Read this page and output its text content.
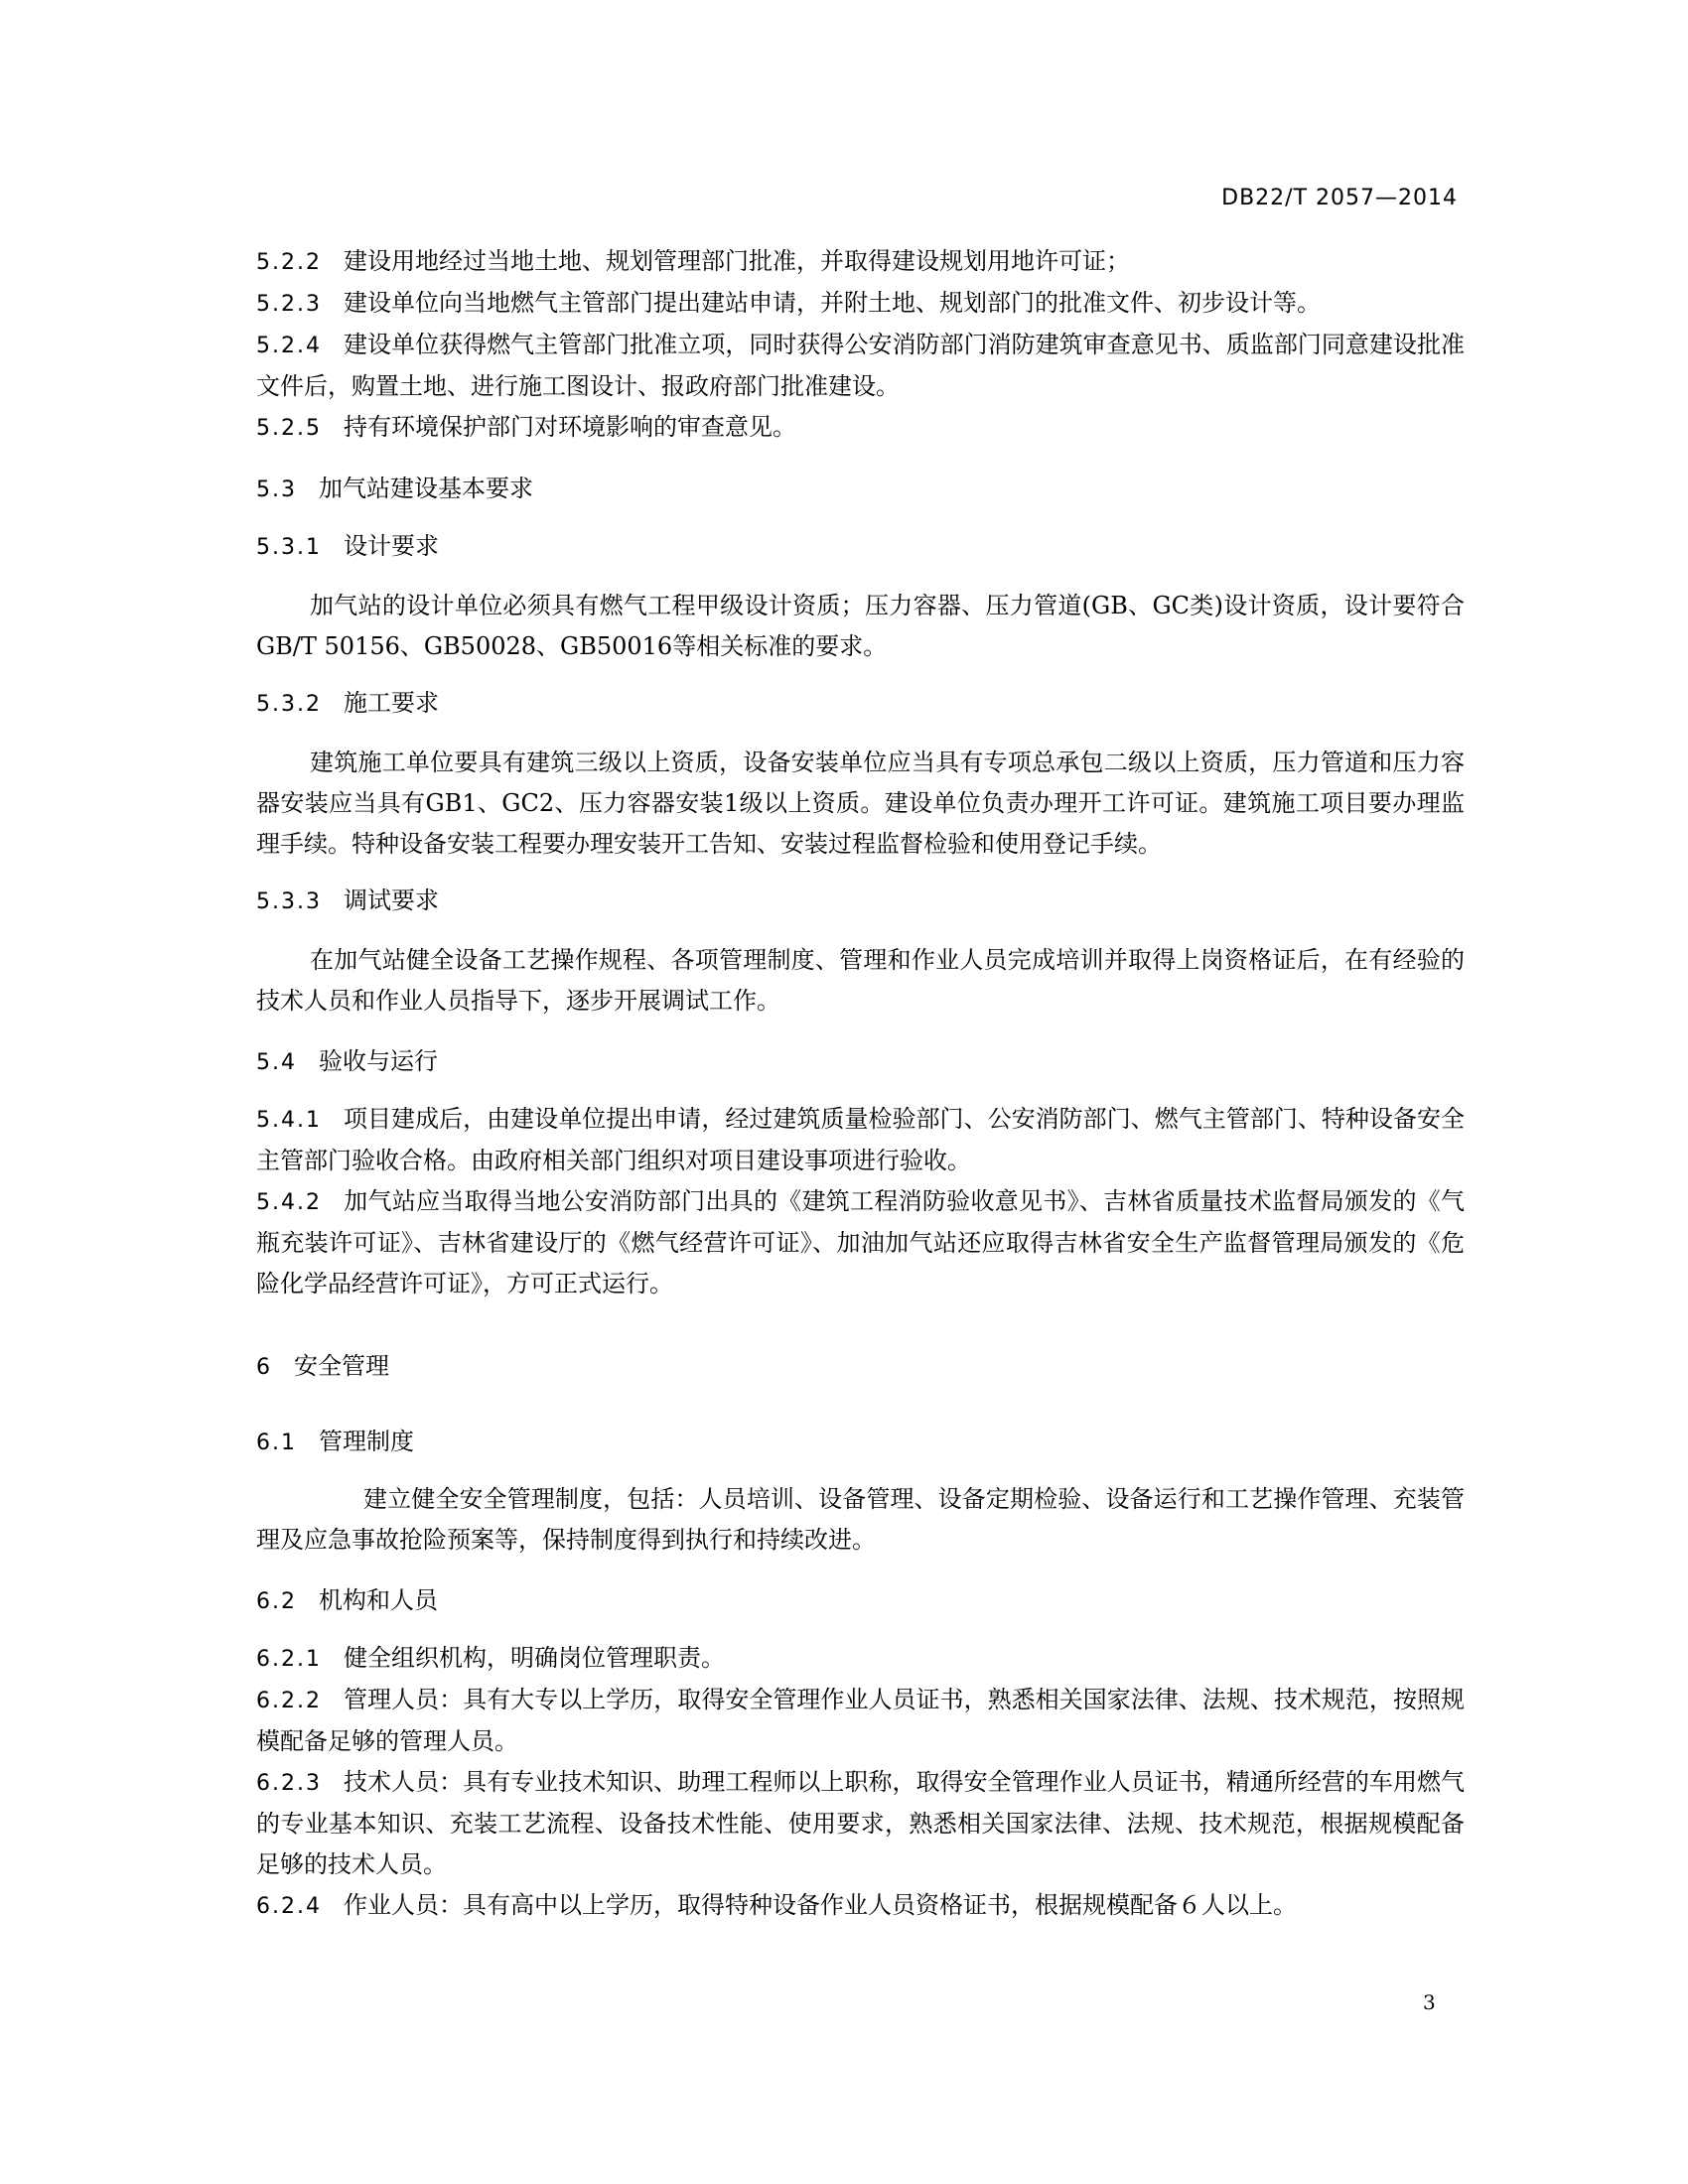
DB22/T 2057—2014

5.2.2 建设用地经过当地土地、规划管理部门批准，并取得建设规划用地许可证；

5.2.3 建设单位向当地燃气主管部门提出建站申请，并附土地、规划部门的批准文件、初步设计等。

5.2.4 建设单位获得燃气主管部门批准立项，同时获得公安消防部门消防建筑审查意见书、质监部门同意建设批准文件后，购置土地、进行施工图设计、报政府部门批准建设。

5.2.5 持有环境保护部门对环境影响的审查意见。

5.3 加气站建设基本要求

5.3.1 设计要求

加气站的设计单位必须具有燃气工程甲级设计资质；压力容器、压力管道(GB、GC类)设计资质，设计要符合GB/T 50156、GB50028、GB50016等相关标准的要求。

5.3.2 施工要求

建筑施工单位要具有建筑三级以上资质，设备安装单位应当具有专项总承包二级以上资质，压力管道和压力容器安装应当具有GB1、GC2、压力容器安装1级以上资质。建设单位负责办理开工许可证。建筑施工项目要办理监理手续。特种设备安装工程要办理安装开工告知、安装过程监督检验和使用登记手续。

5.3.3 调试要求

在加气站健全设备工艺操作规程、各项管理制度、管理和作业人员完成培训并取得上岗资格证后，在有经验的技术人员和作业人员指导下，逐步开展调试工作。

5.4 验收与运行

5.4.1 项目建成后，由建设单位提出申请，经过建筑质量检验部门、公安消防部门、燃气主管部门、特种设备安全主管部门验收合格。由政府相关部门组织对项目建设事项进行验收。

5.4.2 加气站应当取得当地公安消防部门出具的《建筑工程消防验收意见书》、吉林省质量技术监督局颁发的《气瓶充装许可证》、吉林省建设厅的《燃气经营许可证》、加油加气站还应取得吉林省安全生产监督管理局颁发的《危险化学品经营许可证》，方可正式运行。

6 安全管理

6.1 管理制度

建立健全安全管理制度，包括：人员培训、设备管理、设备定期检验、设备运行和工艺操作管理、充装管理及应急事故抢险预案等，保持制度得到执行和持续改进。

6.2 机构和人员

6.2.1 健全组织机构，明确岗位管理职责。

6.2.2 管理人员：具有大专以上学历，取得安全管理作业人员证书，熟悉相关国家法律、法规、技术规范，按照规模配备足够的管理人员。

6.2.3 技术人员：具有专业技术知识、助理工程师以上职称，取得安全管理作业人员证书，精通所经营的车用燃气的专业基本知识、充装工艺流程、设备技术性能、使用要求，熟悉相关国家法律、法规、技术规范，根据规模配备足够的技术人员。

6.2.4 作业人员：具有高中以上学历，取得特种设备作业人员资格证书，根据规模配备６人以上。

3
